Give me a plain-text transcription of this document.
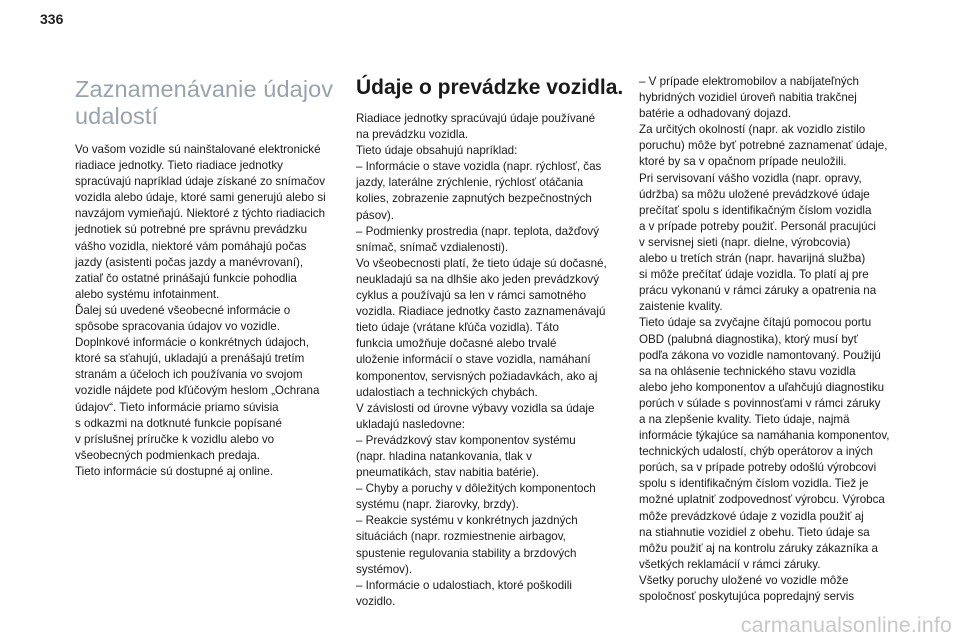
336
Zaznamenávanie údajov
udalostí

Vo vašom vozidle sú nainštalované elektronické
riadiace jednotky. Tieto riadiace jednotky
spracúvajú napríklad údaje získané zo snímačov
vozidla alebo údaje, ktoré sami generujú alebo si
navzájom vymieňajú. Niektoré z týchto riadiacich
jednotiek sú potrebné pre správnu prevádzku
vášho vozidla, niektoré vám pomáhajú počas
jazdy (asistenti počas jazdy a manévrovaní),
zatiaľ čo ostatné prinášajú funkcie pohodlia
alebo systému infotainment.

Ďalej sú uvedené všeobecné informácie o
spôsobe spracovania údajov vo vozidle.

Doplnkové informácie o konkrétnych údajoch,
ktoré sa sťahujú, ukladajú a prenášajú tretím
stranám a účeloch ich používania vo svojom
vozidle nájdete pod kľúčovým heslom „Ochrana
údajov“. Tieto informácie priamo súvisia
s odkazmi na dotknuté funkcie popísané
v príslušnej príručke k vozidlu alebo vo
všeobecných podmienkach predaja.

Tieto informácie sú dostupné aj online.

Údaje o prevádzke vozidla.

Riadiace jednotky spracúvajú údaje používané
na prevádzku vozidla.

Tieto údaje obsahujú napríklad:

– Informácie o stave vozidla (napr. rýchlosť, čas
jazdy, laterálne zrýchlenie, rýchlosť otáčania
kolies, zobrazenie zapnutých bezpečnostných
pásov).

– Podmienky prostredia (napr. teplota, dažďový
snímač, snímač vzdialenosti).

Vo všeobecnosti platí, že tieto údaje sú dočasné,
neukladajú sa na dlhšie ako jeden prevádzkový
cyklus a používajú sa len v rámci samotného
vozidla. Riadiace jednotky často zaznamenávajú
tieto údaje (vrátane kľúča vozidla). Táto
funkcia umožňuje dočasné alebo trvalé
uloženie informácií o stave vozidla, namáhaní
komponentov, servisných požiadavkách, ako aj
udalostiach a technických chybách.

V závislosti od úrovne výbavy vozidla sa údaje
ukladajú nasledovne:

– Prevádzkový stav komponentov systému
(napr. hladina natankovania, tlak v
pneumatikách, stav nabitia batérie).

– Chyby a poruchy v dôležitých komponentoch
systému (napr. žiarovky, brzdy).

– Reakcie systému v konkrétnych jazdných
situáciách (napr. rozmiestnenie airbagov,
spustenie regulovania stability a brzdových
systémov).

– Informácie o udalostiach, ktoré poškodili
vozidlo.

– V prípade elektromobilov a nabíjateľných
hybridných vozidiel úroveň nabitia trakčnej
batérie a odhadovaný dojazd.

Za určitých okolností (napr. ak vozidlo zistilo
poruchu) môže byť potrebné zaznamenať údaje,
ktoré by sa v opačnom prípade neuložili.

Pri servisovaní vášho vozidla (napr. opravy,
údržba) sa môžu uložené prevádzkové údaje
prečítať spolu s identifikačným číslom vozidla
a v prípade potreby použiť. Personál pracujúci
v servisnej sieti (napr. dielne, výrobcovia)
alebo u tretích strán (napr. havarijná služba)
si môže prečítať údaje vozidla. To platí aj pre
prácu vykonanú v rámci záruky a opatrenia na
zaistenie kvality.

Tieto údaje sa zvyčajne čítajú pomocou portu
OBD (palubná diagnostika), ktorý musí byť
podľa zákona vo vozidle namontovaný. Použijú
sa na ohlásenie technického stavu vozidla
alebo jeho komponentov a uľahčujú diagnostiku
porúch v súlade s povinnosťami v rámci záruky
a na zlepšenie kvality. Tieto údaje, najmä
informácie týkajúce sa namáhania komponentov,
technických udalostí, chýb operátorov a iných
porúch, sa v prípade potreby odošlú výrobcovi
spolu s identifikačným číslom vozidla. Tiež je
možné uplatniť zodpovednosť výrobcu. Výrobca
môže prevádzkové údaje z vozidla použiť aj
na stiahnutie vozidiel z obehu. Tieto údaje sa
môžu použiť aj na kontrolu záruky zákazníka a
všetkých reklamácií v rámci záruky.

Všetky poruchy uložené vo vozidle môže
spoločnosť poskytujúca popredajný servis

carmanualsonline.info
